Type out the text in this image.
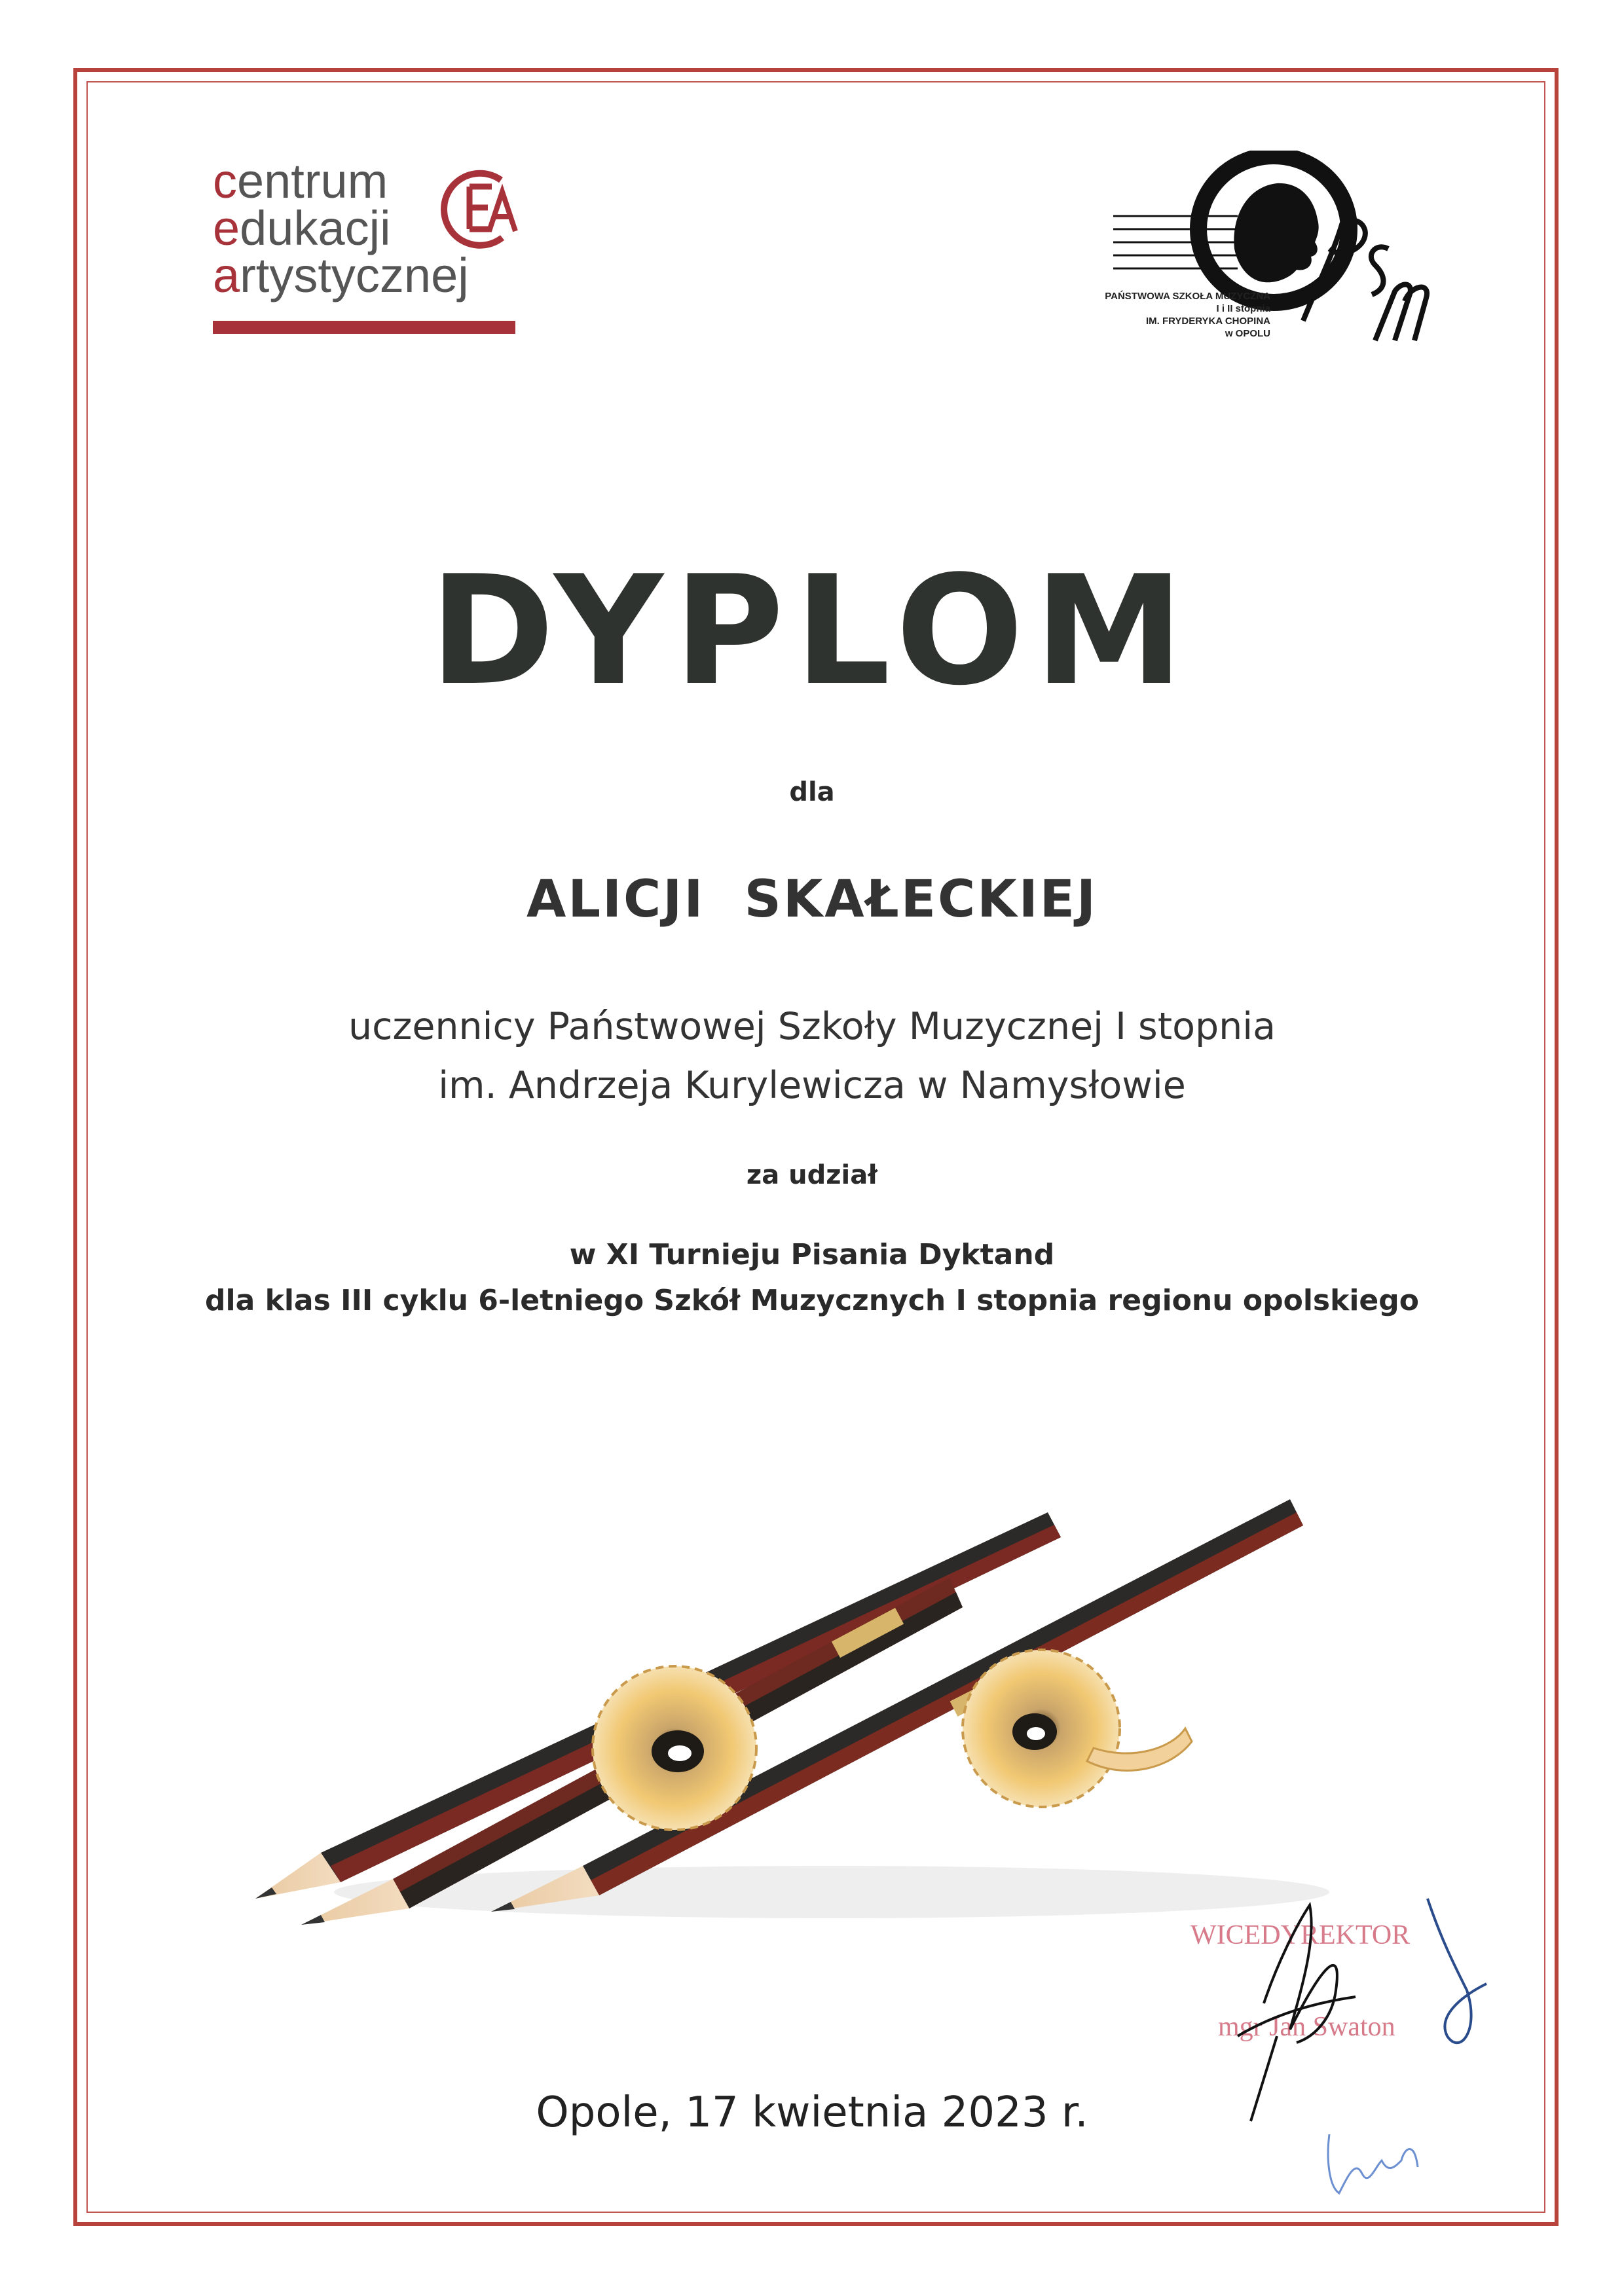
centrum
edukacji
artystycznej	PAŃSTWOWA SZKOŁA MUZYCZNA
I i II stopnia
IM. FRYDERYKA CHOPINA
w OPOLU
DYPLOM
dla
ALICJI  SKAŁECKIEJ
uczennicy Państwowej Szkoły Muzycznej I stopnia
im. Andrzeja Kurylewicza w Namysłowie
za udział
w XI Turnieju Pisania Dyktand
dla klas III cyklu 6-letniego Szkół Muzycznych I stopnia regionu opolskiego
WICEDYREKTOR
mgr Jan Swaton
Opole, 17 kwietnia 2023 r.
